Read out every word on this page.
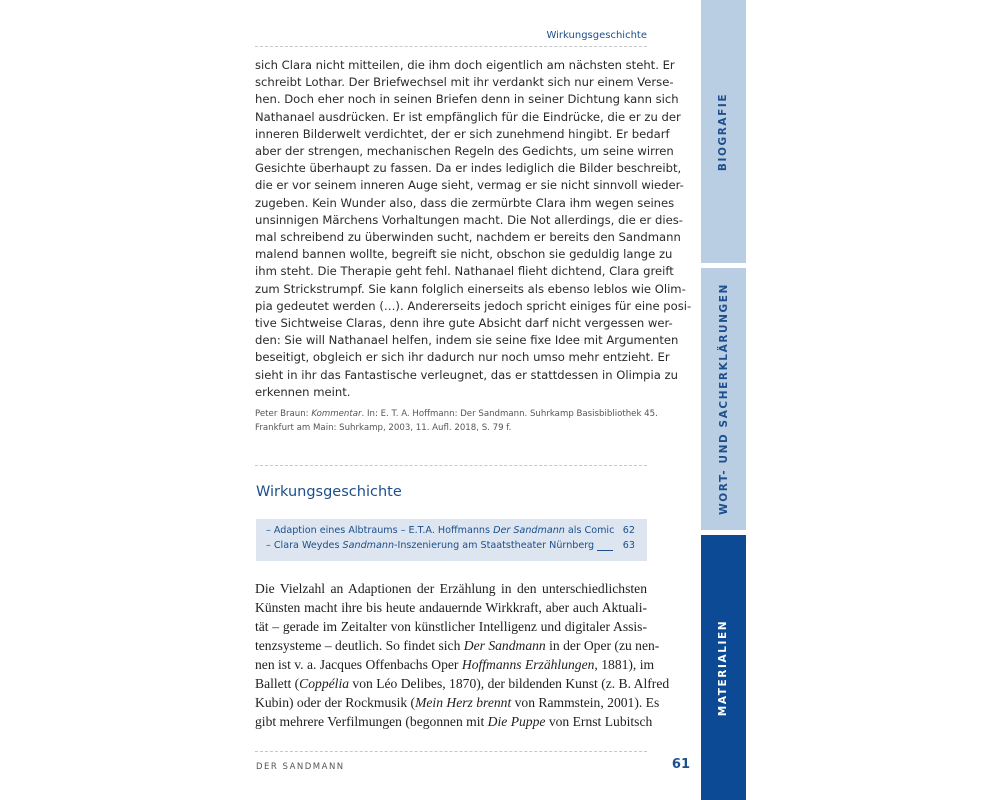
Wirkungsgeschichte
sich Clara nicht mitteilen, die ihm doch eigentlich am nächsten steht. Er
schreibt Lothar. Der Briefwechsel mit ihr verdankt sich nur einem Verse-
hen. Doch eher noch in seinen Briefen denn in seiner Dichtung kann sich
Nathanael ausdrücken. Er ist empfänglich für die Eindrücke, die er zu der
inneren Bilderwelt verdichtet, der er sich zunehmend hingibt. Er bedarf
aber der strengen, mechanischen Regeln des Gedichts, um seine wirren
Gesichte überhaupt zu fassen. Da er indes lediglich die Bilder beschreibt,
die er vor seinem inneren Auge sieht, vermag er sie nicht sinnvoll wieder-
zugeben. Kein Wunder also, dass die zermürbte Clara ihm wegen seines
unsinnigen Märchens Vorhaltungen macht. Die Not allerdings, die er dies-
mal schreibend zu überwinden sucht, nachdem er bereits den Sandmann
malend bannen wollte, begreift sie nicht, obschon sie geduldig lange zu
ihm steht. Die Therapie geht fehl. Nathanael flieht dichtend, Clara greift
zum Strickstrumpf. Sie kann folglich einerseits als ebenso leblos wie Olim-
pia gedeutet werden (…). Andererseits jedoch spricht einiges für eine posi-
tive Sichtweise Claras, denn ihre gute Absicht darf nicht vergessen wer-
den: Sie will Nathanael helfen, indem sie seine fixe Idee mit Argumenten
beseitigt, obgleich er sich ihr dadurch nur noch umso mehr entzieht. Er
sieht in ihr das Fantastische verleugnet, das er stattdessen in Olimpia zu
erkennen meint.
Peter Braun: Kommentar. In: E. T. A. Hoffmann: Der Sandmann. Suhrkamp Basisbibliothek 45.
Frankfurt am Main: Suhrkamp, 2003, 11. Aufl. 2018, S. 79 f.
Wirkungsgeschichte
– Adaption eines Albtraums – E.T.A. Hoffmanns Der Sandmann als Comic 62
– Clara Weydes Sandmann-Inszenierung am Staatstheater Nürnberg	63
Die Vielzahl an Adaptionen der Erzählung in den unterschiedlichsten
Künsten macht ihre bis heute andauernde Wirkkraft, aber auch Aktuali-
tät – gerade im Zeitalter von künstlicher Intelligenz und digitaler Assis-
tenzsysteme – deutlich. So findet sich Der Sandmann in der Oper (zu nen-
nen ist v. a. Jacques Offenbachs Oper Hoffmanns Erzählungen, 1881), im
Ballett (Coppélia von Léo Delibes, 1870), der bildenden Kunst (z. B. Alfred
Kubin) oder der Rockmusik (Mein Herz brennt von Rammstein, 2001). Es
gibt mehrere Verfilmungen (begonnen mit Die Puppe von Ernst Lubitsch
DER SANDMANN	61
BIOGRAFIE
WORT- UND SACHERKLÄRUNGEN
MATERIALIEN
